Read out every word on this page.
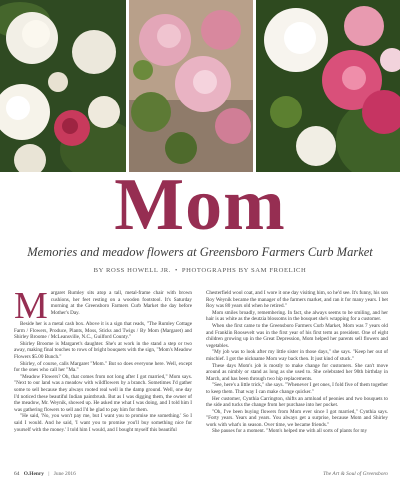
Mom
Memories and meadow flowers at Greensboro Farmers Curb Market
BY ROSS HOWELL JR. • PHOTOGRAPHS BY SAM FROELICH

Margaret Rumley sits atop a tall, metal-frame chair with brown cushions, her feet resting on a wooden footstool. It's Saturday morning at the Greensboro Farmers Curb Market the day before Mother's Day.

Beside her is a metal cash box. Above it is a sign that reads, "The Rumley Cottage Farm / Flowers, Produce, Plants, Moss, Sticks and Twigs / By Mom (Margaret) and Shirley Broome / McLeansville, N.C., Guilford County."

Shirley Broome is Margaret's daughter. She's at work in the stand a step or two away, making final touches to rows of bright bouquets with the sign, "Mom's Meadow Flowers $5.00 Bunch."

Shirley, of course, calls Margaret "Mom." But so does everyone here. Well, except for the ones who call her "Ma."

"Meadow Flowers? Oh, that comes from not long after I got married," Mom says. "Next to our land was a meadow with wildflowers by a branch. Sometimes I'd gather some to sell because they always rooted real well in the damp ground. Well, one day I'd noticed these beautiful Indian paintbrush. But as I was digging them, the owner of the meadow, Mr. Weynik, showed up. He asked me what I was doing, and I told him I was gathering flowers to sell and I'd be glad to pay him for them.

"He said, 'No, you won't pay me, but I want you to promise me something.' So I said I would. And he said, 'I want you to promise you'll buy something nice for yourself with the money.' I told him I would, and I bought myself this beautiful

Chesterfield wool coat, and I wore it one day visiting him, so he'd see. It's funny, his son Roy Weynik became the manager of the farmers market, and ran it for many years. I bet Roy was 80 years old when he retired."

Mom smiles broadly, remembering. In fact, she always seems to be smiling, and her hair is as white as the deutzia blossoms in the bouquet she's wrapping for a customer.

When she first came to the Greensboro Farmers Curb Market, Mom was 7 years old and Franklin Roosevelt was in the first year of his first term as president. One of eight children growing up in the Great Depression, Mom helped her parents sell flowers and vegetables.

"My job was to look after my little sister in those days," she says. "Keep her out of mischief. I got the nickname Mom way back then. It just kind of stuck."

These days Mom's job is mostly to make change for customers. She can't move around as nimbly or stand as long as she used to. She celebrated her 90th birthday in March, and has been through two hip replacements.

"See, here's a little trick," she says. "Whenever I get ones, I fold five of them together to keep them. That way I can make change quicker."

Her customer, Cynthia Carrington, shifts an armload of peonies and two bouquets to the side and tucks the change from her purchase into her pocket.

"Oh, I've been buying flowers from Mom ever since I got married," Cynthia says. "Forty years. Years and years. You always get a surprise, because Mom and Shirley work with what's in season. Over time, we became friends."

She pauses for a moment. "Mom's helped me with all sorts of plants for my

64 O.Henry | June 2016	The Art & Soul of Greensboro
